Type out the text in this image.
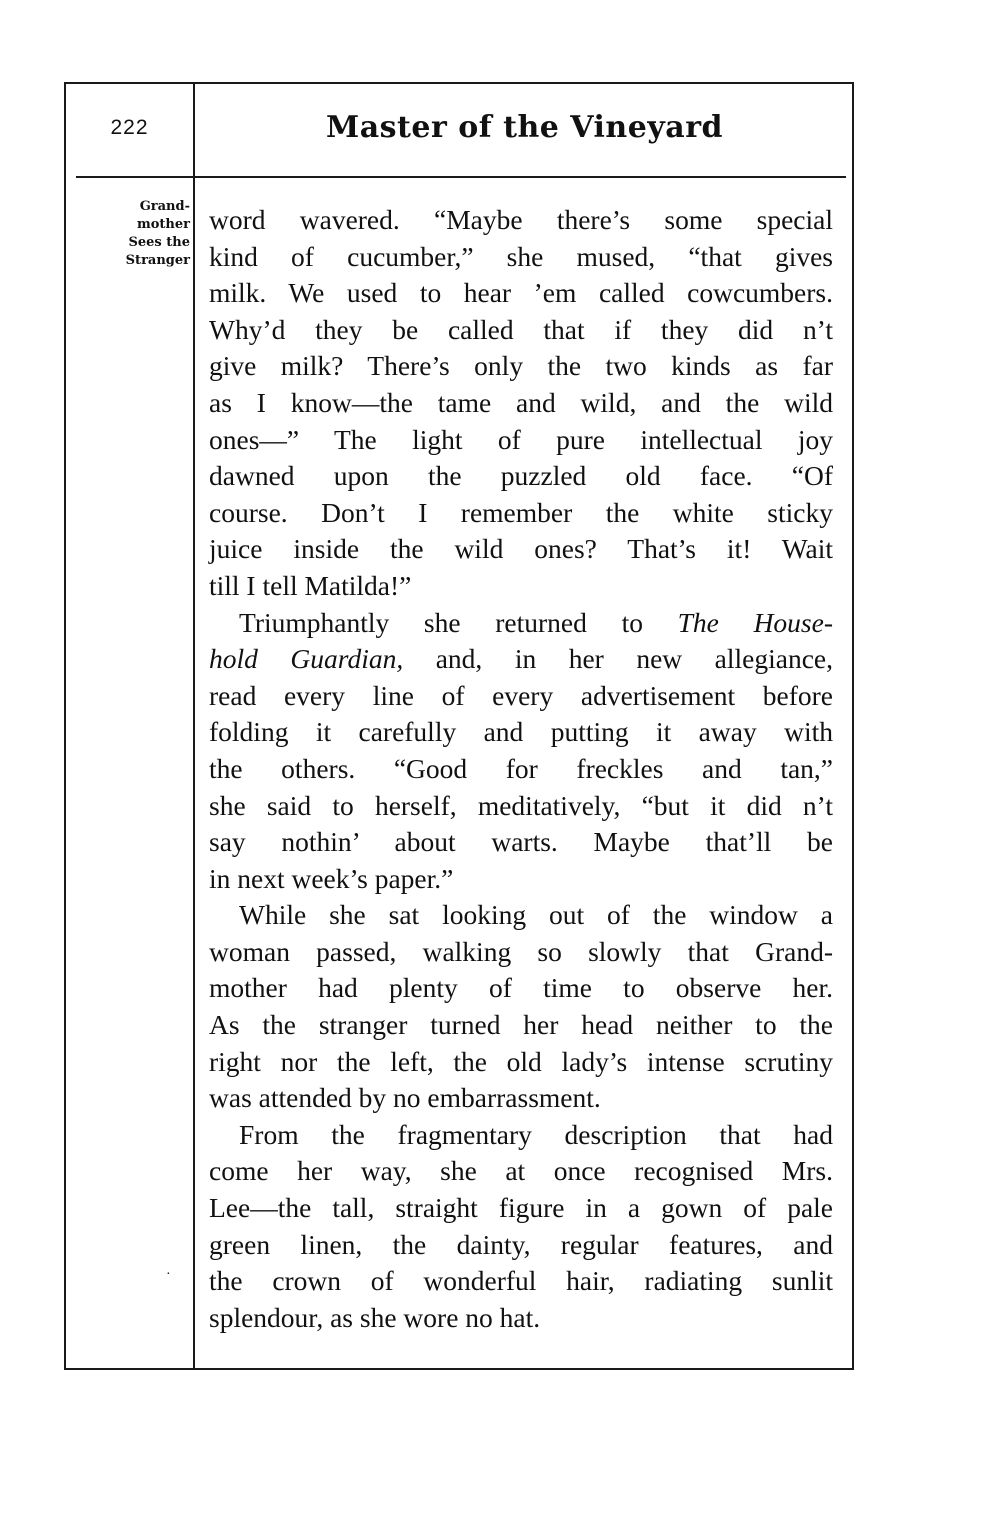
222	Master of the Vineyard
Grand-
mother
Sees the
Stranger
·
word wavered. “Maybe there’s some special
kind of cucumber,” she mused, “that gives
milk. We used to hear ’em called cowcumbers.
Why’d they be called that if they did n’t
give milk? There’s only the two kinds as far
as I know—the tame and wild, and the wild
ones—” The light of pure intellectual joy
dawned upon the puzzled old face. “Of
course. Don’t I remember the white sticky
juice inside the wild ones? That’s it! Wait
till I tell Matilda!”
Triumphantly she returned to The House-
hold Guardian, and, in her new allegiance,
read every line of every advertisement before
folding it carefully and putting it away with
the others. “Good for freckles and tan,”
she said to herself, meditatively, “but it did n’t
say nothin’ about warts. Maybe that’ll be
in next week’s paper.”
While she sat looking out of the window a
woman passed, walking so slowly that Grand-
mother had plenty of time to observe her.
As the stranger turned her head neither to the
right nor the left, the old lady’s intense scrutiny
was attended by no embarrassment.
From the fragmentary description that had
come her way, she at once recognised Mrs.
Lee—the tall, straight figure in a gown of pale
green linen, the dainty, regular features, and
the crown of wonderful hair, radiating sunlit
splendour, as she wore no hat.
